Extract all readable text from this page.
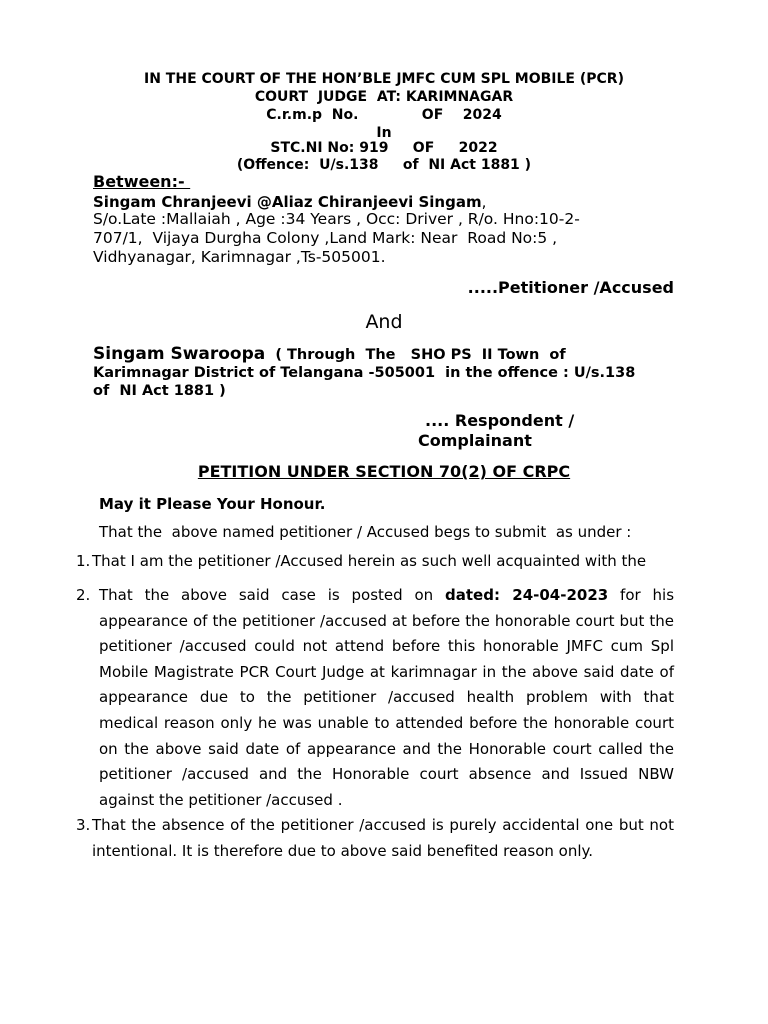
IN THE COURT OF THE HON’BLE JMFC CUM SPL MOBILE (PCR)
COURT  JUDGE  AT: KARIMNAGAR
C.r.m.p  No.             OF    2024
In
STC.NI No: 919     OF     2022
(Offence:  U/s.138     of  NI Act 1881 )
Between:-
Singam Chranjeevi @Aliaz Chiranjeevi Singam,
S/o.Late :Mallaiah , Age :34 Years , Occ: Driver , R/o. Hno:10-2-
707/1,  Vijaya Durgha Colony ,Land Mark: Near  Road No:5 ,
Vidhyanagar, Karimnagar ,Ts-505001.
.....Petitioner /Accused
And
Singam Swaroopa  ( Through  The   SHO PS  II Town  of
Karimnagar District of Telangana -505001  in the offence : U/s.138
of  NI Act 1881 )
.... Respondent /
Complainant
PETITION UNDER SECTION 70(2) OF CRPC
May it Please Your Honour.
That the  above named petitioner / Accused begs to submit  as under :
1. That I am the petitioner /Accused herein as such well acquainted with the
2. That the above said case is posted on dated: 24-04-2023 for his appearance of the petitioner /accused at before the honorable court but the petitioner /accused could not attend before this honorable JMFC cum Spl Mobile Magistrate PCR Court Judge at karimnagar in the above said date of appearance due to the petitioner /accused health problem with that medical reason only he was unable to attended before the honorable court on the above said date of appearance and the Honorable court called the petitioner /accused and the Honorable court absence and Issued NBW against the petitioner /accused .
3. That the absence of the petitioner /accused is purely accidental one but not intentional. It is therefore due to above said benefited reason only.
